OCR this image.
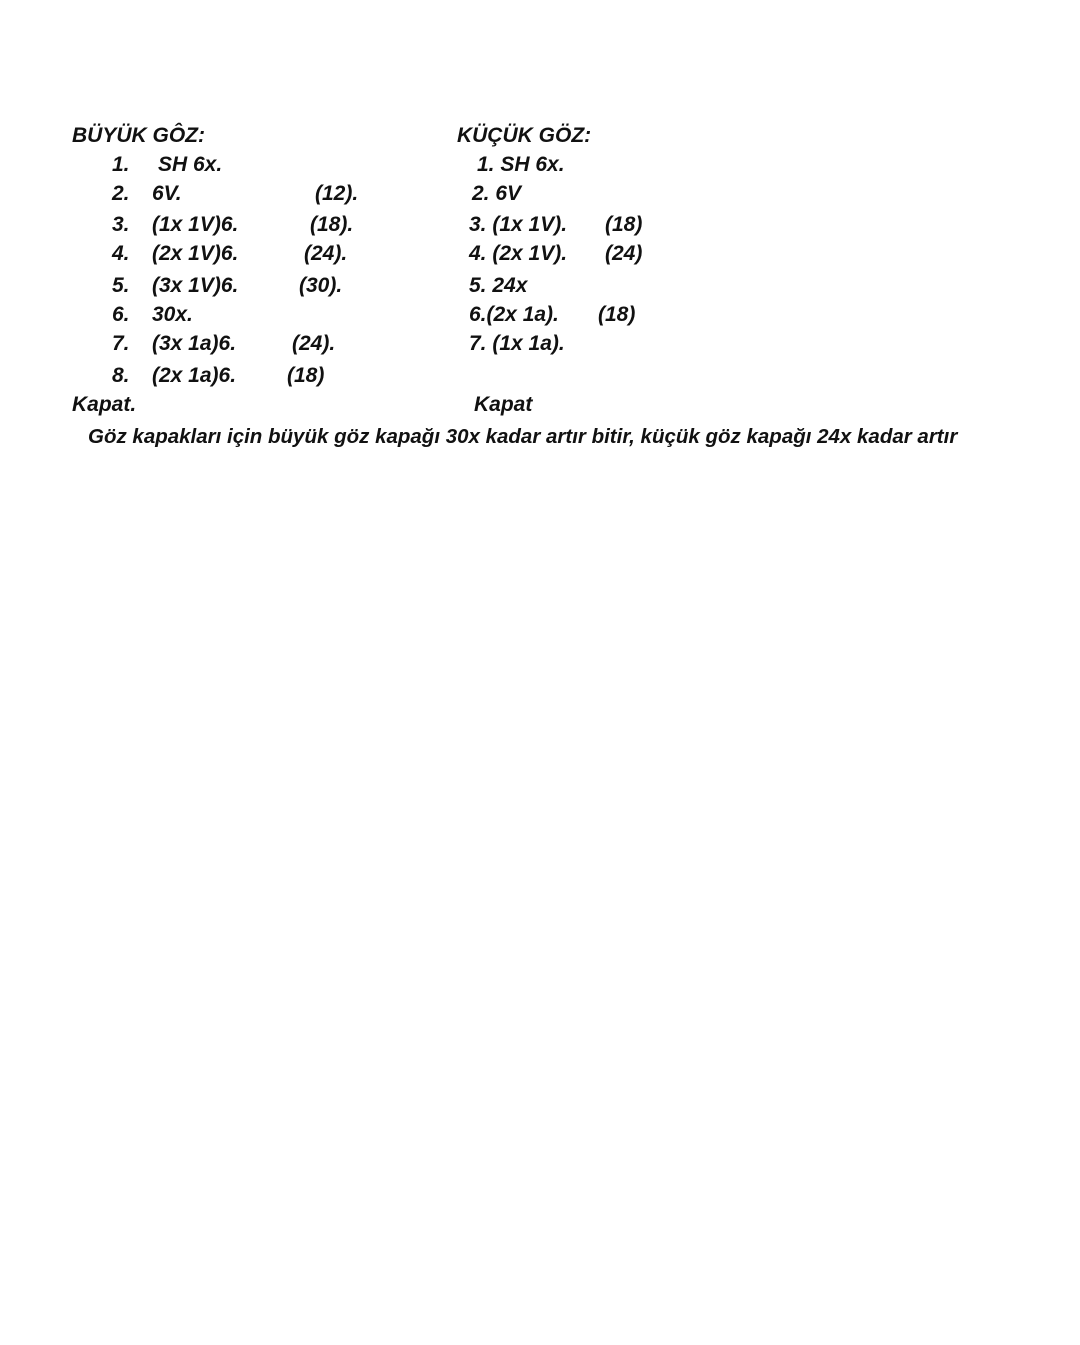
BÜYÜK GÔZ:
1. SH 6x.
2. 6V.	(12).
3. (1x 1V)6.	(18).
4. (2x 1V)6.	(24).
5. (3x 1V)6.	(30).
6. 30x.
7. (3x 1a)6.	(24).
8. (2x 1a)6. (18)
Kapat.
KÜÇÜK GÖZ:
1. SH 6x.
2. 6V
3. (1x 1V). (18)
4. (2x 1V). (24)
5. 24x
6.(2x 1a). (18)
7. (1x 1a).
Kapat
Göz kapakları için büyük göz kapağı 30x kadar artır bitir, küçük göz kapağı 24x kadar artır
